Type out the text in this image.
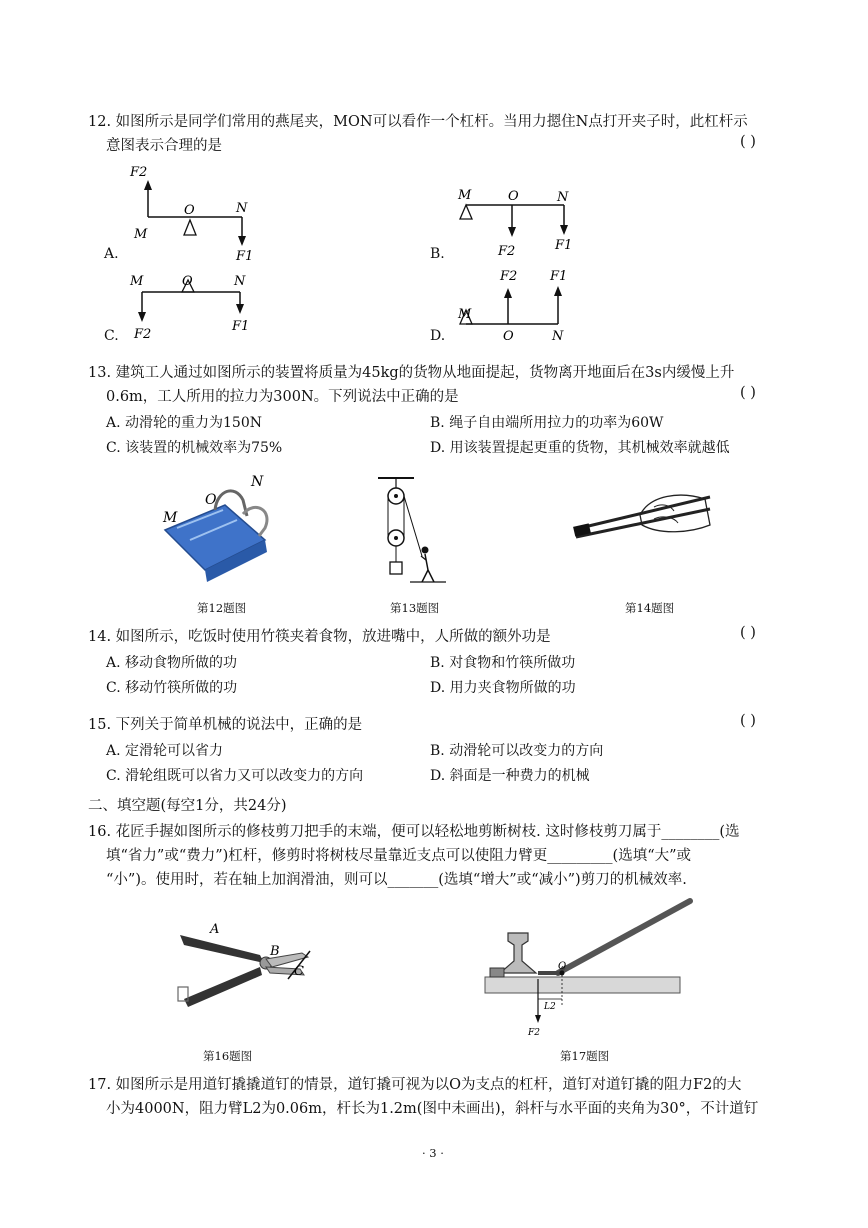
12. 如图所示是同学们常用的燕尾夹，MON可以看作一个杠杆。当用力摁住N点打开夹子时，此杠杆示
意图表示合理的是	( )
F2
M
O	N
F1
A.
M	O	N
F2	F1
B.
M	O	N
F2
F1
C.
F2	F1
M
O	N
D.
13. 建筑工人通过如图所示的装置将质量为45kg的货物从地面提起，货物离开地面后在3s内缓慢上升
0.6m，工人所用的拉力为300N。下列说法中正确的是	( )
A. 动滑轮的重力为150N	B. 绳子自由端所用拉力的功率为60W
C. 该装置的机械效率为75%	D. 用该装置提起更重的货物，其机械效率就越低
M
O
N
第12题图	第13题图	第14题图
14. 如图所示，吃饭时使用竹筷夹着食物，放进嘴中，人所做的额外功是	( )
A. 移动食物所做的功	B. 对食物和竹筷所做功
C. 移动竹筷所做的功	D. 用力夹食物所做的功
15. 下列关于简单机械的说法中，正确的是	( )
A. 定滑轮可以省力	B. 动滑轮可以改变力的方向
C. 滑轮组既可以省力又可以改变力的方向	D. 斜面是一种费力的机械
二、填空题(每空1分，共24分)
16. 花匠手握如图所示的修枝剪刀把手的末端，便可以轻松地剪断树枝. 这时修枝剪刀属于________(选
填“省力”或“费力”)杠杆，修剪时将树枝尽量靠近支点可以使阻力臂更_________(选填“大”或
“小”)。使用时，若在轴上加润滑油，则可以_______(选填“增大”或“减小”)剪刀的机械效率.
A
B
C	O
L2
F2
第16题图	第17题图
17. 如图所示是用道钉撬撬道钉的情景，道钉撬可视为以O为支点的杠杆，道钉对道钉撬的阻力F2的大
小为4000N，阻力臂L2为0.06m，杆长为1.2m(图中未画出)，斜杆与水平面的夹角为30°，不计道钉
· 3 ·
